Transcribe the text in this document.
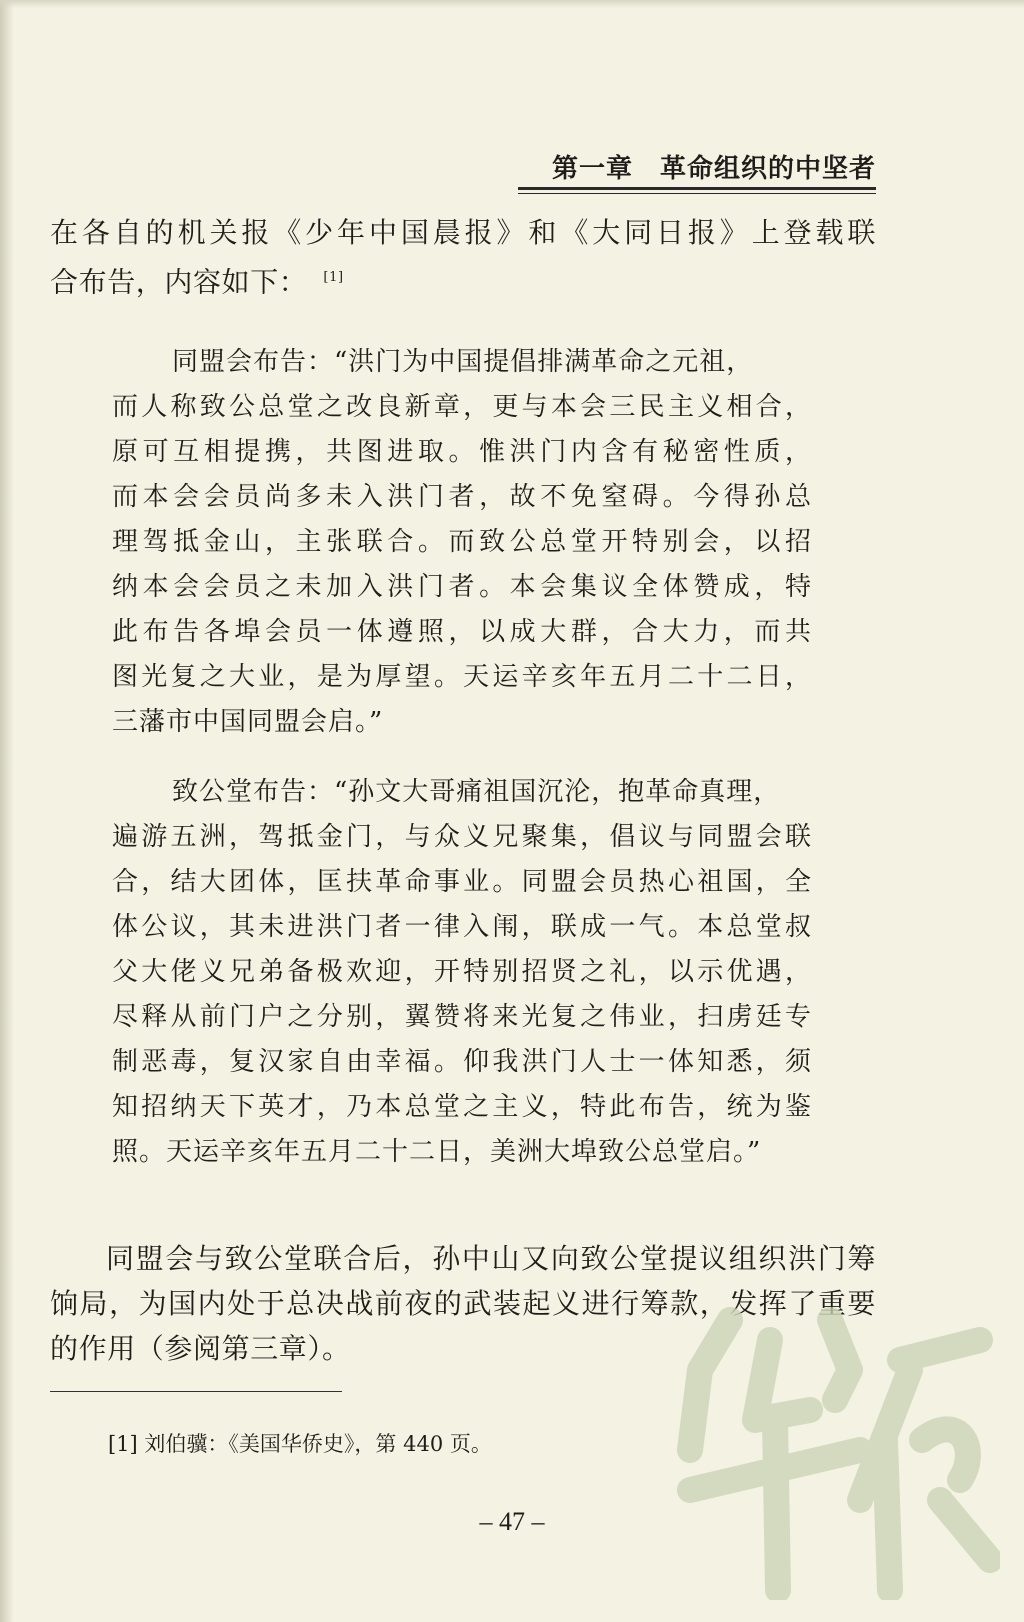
第一章　革命组织的中坚者
在各自的机关报《少年中国晨报》和《大同日报》上登载联
合布告，内容如下： [1]
同盟会布告：“洪门为中国提倡排满革命之元祖，
而人称致公总堂之改良新章，更与本会三民主义相合，
原可互相提携，共图进取。惟洪门内含有秘密性质，
而本会会员尚多未入洪门者，故不免窒碍。今得孙总
理驾抵金山，主张联合。而致公总堂开特别会，以招
纳本会会员之未加入洪门者。本会集议全体赞成，特
此布告各埠会员一体遵照，以成大群，合大力，而共
图光复之大业，是为厚望。天运辛亥年五月二十二日，
三藩市中国同盟会启。”
致公堂布告：“孙文大哥痛祖国沉沦，抱革命真理，
遍游五洲，驾抵金门，与众义兄聚集，倡议与同盟会联
合，结大团体，匡扶革命事业。同盟会员热心祖国，全
体公议，其未进洪门者一律入闱，联成一气。本总堂叔
父大佬义兄弟备极欢迎，开特别招贤之礼，以示优遇，
尽释从前门户之分别，翼赞将来光复之伟业，扫虏廷专
制恶毒，复汉家自由幸福。仰我洪门人士一体知悉，须
知招纳天下英才，乃本总堂之主义，特此布告，统为鉴
照。天运辛亥年五月二十二日，美洲大埠致公总堂启。”
同盟会与致公堂联合后，孙中山又向致公堂提议组织洪门筹
饷局，为国内处于总决战前夜的武装起义进行筹款，发挥了重要
的作用（参阅第三章）。
[1] 刘伯骥：《美国华侨史》，第 440 页。
– 47 –
